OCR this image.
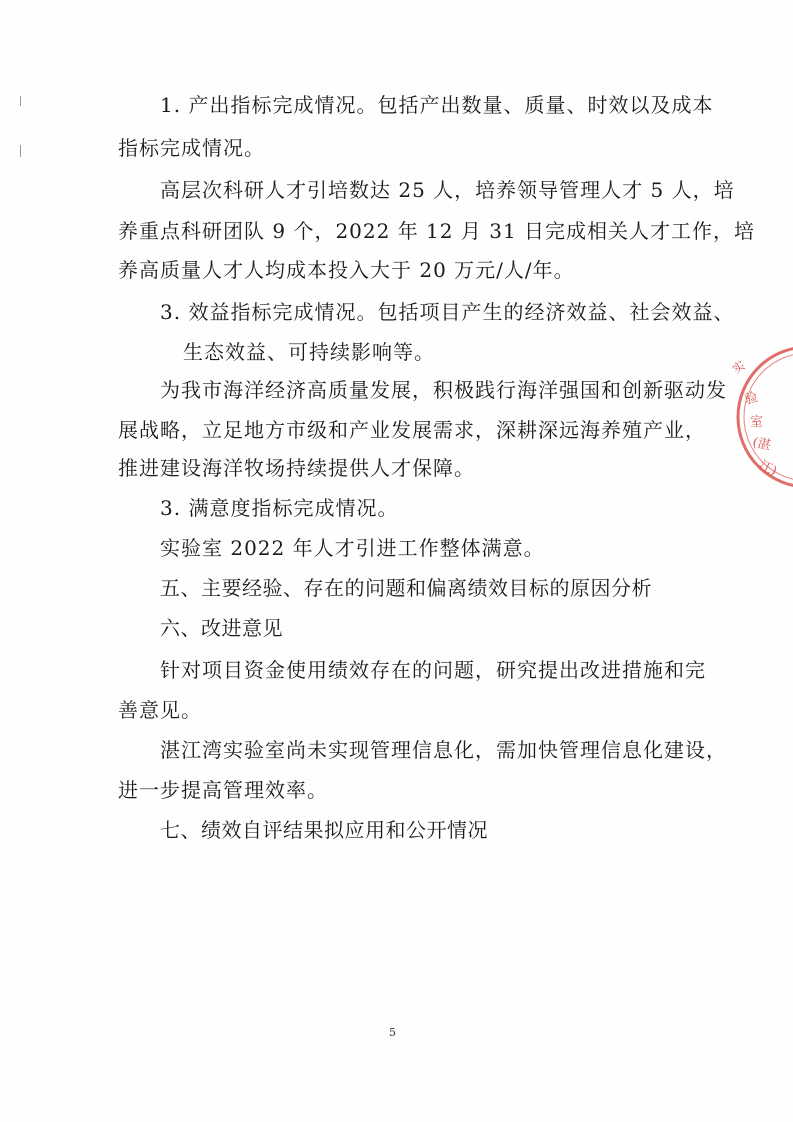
1. 产出指标完成情况。包括产出数量、质量、时效以及成本
指标完成情况。
高层次科研人才引培数达 25 人，培养领导管理人才 5 人，培
养重点科研团队 9 个，2022 年 12 月 31 日完成相关人才工作，培
养高质量人才人均成本投入大于 20 万元/人/年。
3. 效益指标完成情况。包括项目产生的经济效益、社会效益、
生态效益、可持续影响等。
为我市海洋经济高质量发展，积极践行海洋强国和创新驱动发
展战略，立足地方市级和产业发展需求，深耕深远海养殖产业，
推进建设海洋牧场持续提供人才保障。
3. 满意度指标完成情况。
实验室 2022 年人才引进工作整体满意。
五、主要经验、存在的问题和偏离绩效目标的原因分析
六、改进意见
针对项目资金使用绩效存在的问题，研究提出改进措施和完
善意见。
湛江湾实验室尚未实现管理信息化，需加快管理信息化建设，
进一步提高管理效率。
七、绩效自评结果拟应用和公开情况
实
验
室
(湛
江)
5
